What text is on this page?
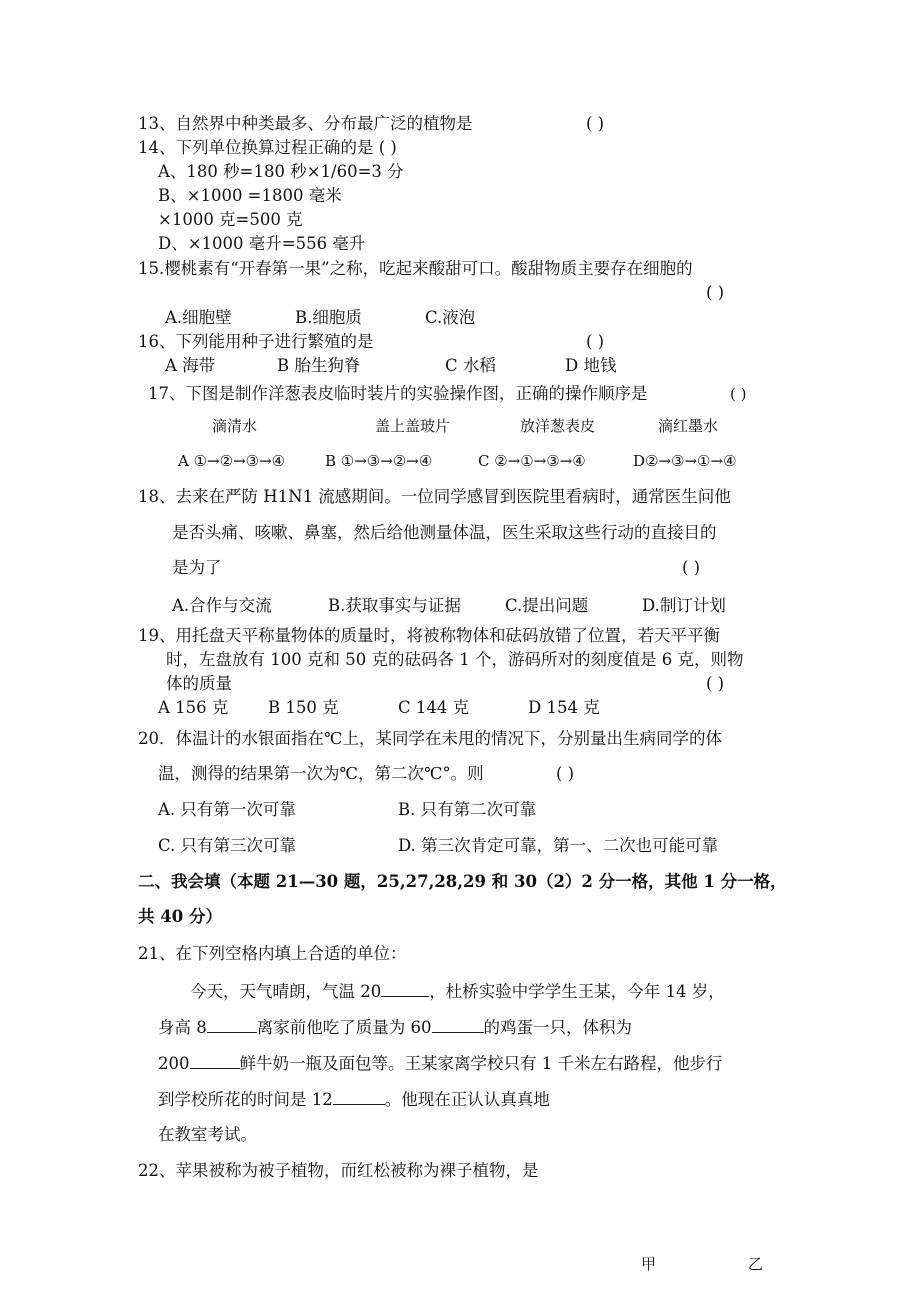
13、自然界中种类最多、分布最广泛的植物是	( )
14、下列单位换算过程正确的是 ( )
A、180 秒=180 秒×1/60=3 分
B、×1000 =1800 毫米
×1000 克=500 克
D、×1000 毫升=556 毫升
15.樱桃素有“开春第一果”之称，吃起来酸甜可口。酸甜物质主要存在细胞的
( )
A.细胞壁	B.细胞质	C.液泡
16、下列能用种子进行繁殖的是	( )
A 海带	B 胎生狗脊	C 水稻	D 地钱
17、下图是制作洋葱表皮临时装片的实验操作图，正确的操作顺序是	( )
滴清水	盖上盖玻片	放洋葱表皮	滴红墨水
A ①→②→③→④	B ①→③→②→④	C ②→①→③→④	D②→③→①→④
18、去来在严防 H1N1 流感期间。一位同学感冒到医院里看病时，通常医生问他
是否头痛、咳嗽、鼻塞，然后给他测量体温，医生采取这些行动的直接目的
是为了	( )
A.合作与交流	B.获取事实与证据	C.提出问题	D.制订计划
19、用托盘天平称量物体的质量时，将被称物体和砝码放错了位置，若天平平衡
时，左盘放有 100 克和 50 克的砝码各 1 个，游码所对的刻度值是 6 克，则物
体的质量	( )
A 156 克 B 150 克	C 144 克	D 154 克
20．体温计的水银面指在℃上，某同学在未甩的情况下，分别量出生病同学的体
温，测得的结果第一次为℃，第二次℃°。则	( )
A. 只有第一次可靠	B. 只有第二次可靠
C. 只有第三次可靠	D. 第三次肯定可靠，第一、二次也可能可靠
二、我会填（本题 21—30 题，25,27,28,29 和 30（2）2 分一格，其他 1 分一格，
共 40 分）
21、在下列空格内填上合适的单位：
今天，天气晴朗，气温 20	，杜桥实验中学学生王某，今年 14 岁，
身高 8	离家前他吃了质量为 60	的鸡蛋一只，体积为
200	鲜牛奶一瓶及面包等。王某家离学校只有 1 千米左右路程，他步行
到学校所花的时间是 12	。他现在正认认真真地
在教室考试。
22、苹果被称为被子植物，而红松被称为裸子植物，是
甲	乙
